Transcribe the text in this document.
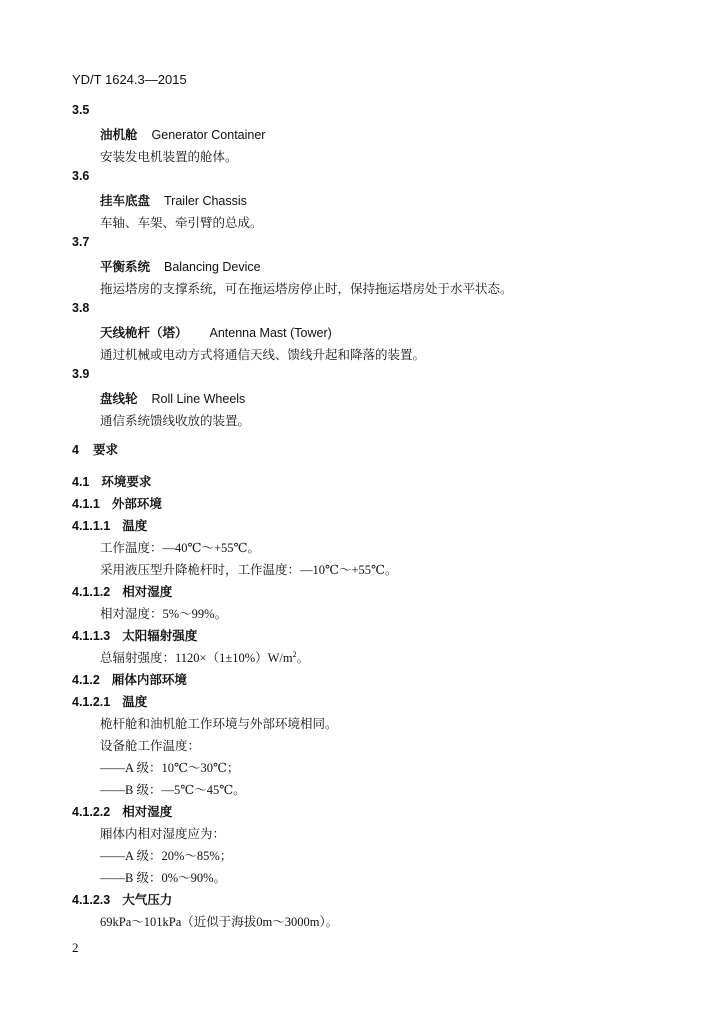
YD/T 1624.3—2015
3.5
油机舱 Generator Container
安装发电机装置的舱体。
3.6
挂车底盘 Trailer Chassis
车轴、车架、牵引臂的总成。
3.7
平衡系统 Balancing Device
拖运塔房的支撑系统，可在拖运塔房停止时，保持拖运塔房处于水平状态。
3.8
天线桅杆（塔） Antenna Mast (Tower)
通过机械或电动方式将通信天线、馈线升起和降落的装置。
3.9
盘线轮 Roll Line Wheels
通信系统馈线收放的装置。
4 要求
4.1 环境要求
4.1.1 外部环境
4.1.1.1 温度
工作温度：—40℃～+55℃。
采用液压型升降桅杆时，工作温度：—10℃～+55℃。
4.1.1.2 相对湿度
相对湿度：5%～99%。
4.1.1.3 太阳辐射强度
总辐射强度：$1120\times(1\pm 10\%)W/m^2$。
4.1.2 厢体内部环境
4.1.2.1 温度
桅杆舱和油机舱工作环境与外部环境相同。
设备舱工作温度：
——A 级：10℃～30℃；
——B 级：—5℃～45℃。
4.1.2.2 相对湿度
厢体内相对湿度应为：
——A 级：20%～85%；
——B 级：0%～90%。
4.1.2.3 大气压力
69kPa～101kPa（近似于海拔0m～3000m）。
2
